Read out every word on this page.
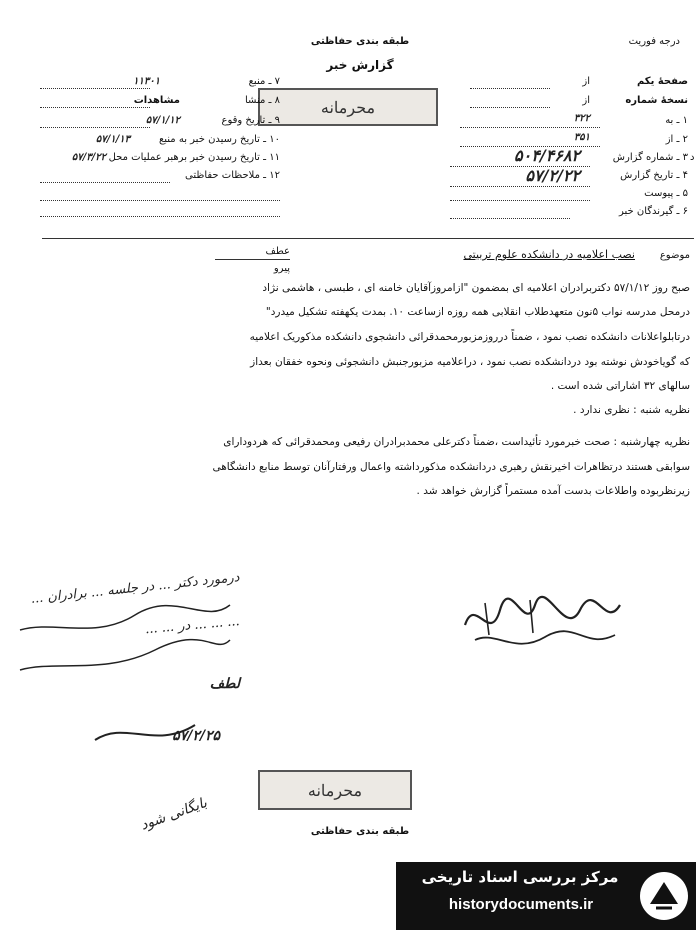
طبقه بندی حفاظتی
گزارش خبر
درجه فوریت
محرمانه
۷ ـ منبع
۱۱۳۰۱
۸ ـ منشا
مشاهدات
۹ ـ تاریخ وقوع
۵۷/۱/۱۲
۱۰ ـ تاریخ رسیدن خبر به منبع
۵۷/۱/۱۳
۱۱ ـ تاریخ رسیدن خبر برهبر عملیات محل
۵۷/۳/۲۲
۱۲ ـ ملاحظات حفاظتی
صفحهٔ یکم
از
نسخهٔ شماره
از
۱ ـ به
۳۲۲
۲ ـ از
۳۵۱
۳ ـ شماره گزارش
۵۰۴/۴۶۸۲
۴ ـ تاریخ گزارش
۵۷/۲/۲۲
۵ ـ پیوست
۶ ـ گیرندگان خبر
د
موضوع
نصب اعلامیه در دانشکده علوم تربیتی
عطف
پیرو
صبح روز ۵۷/۱/۱۲ دکتربرادران اعلامیه ای بمضمون "ازامروزآقایان خامنه ای ، طبسی ، هاشمی نژاد
درمحل مدرسه نواب ۵نون متعهدطلاب انقلابی همه روزه ازساعت ۱۰. بمدت یکهفته تشکیل میدرد"
درتابلواعلانات دانشکده نصب نمود ، ضمناً درروزمزبورمحمدقرائی دانشجوی دانشکده مذکوریک اعلامیه
که گویاخودش نوشته بود دردانشکده نصب نمود ، دراعلامیه مزبورجنبش دانشجوئی ونحوه خفقان بعداز
سالهای ۳۲ اشاراتی شده است .
نظریه شنبه : نظری ندارد .
نظریه چهارشنبه : صحت خبرمورد تأئیداست ،ضمناً دکترعلی محمدبرادران رفیعی ومحمدقرائی که هردودارای
سوابقی هستند درتظاهرات اخیرنقش رهبری دردانشکده مذکورداشته واعمال ورفتارآنان توسط منابع دانشگاهی
زیرنظربوده واطلاعات بدست آمده مستمراً گزارش خواهد شد .
درمورد دکتر ... در جلسه ... برادران ...
... ... ... در ... ...
لطف
۵۷/۲/۲۵
محرمانه
بایگانی شود	طبقه بندی حفاظتی
مرکز بررسی اسناد تاریخی
historydocuments.ir
